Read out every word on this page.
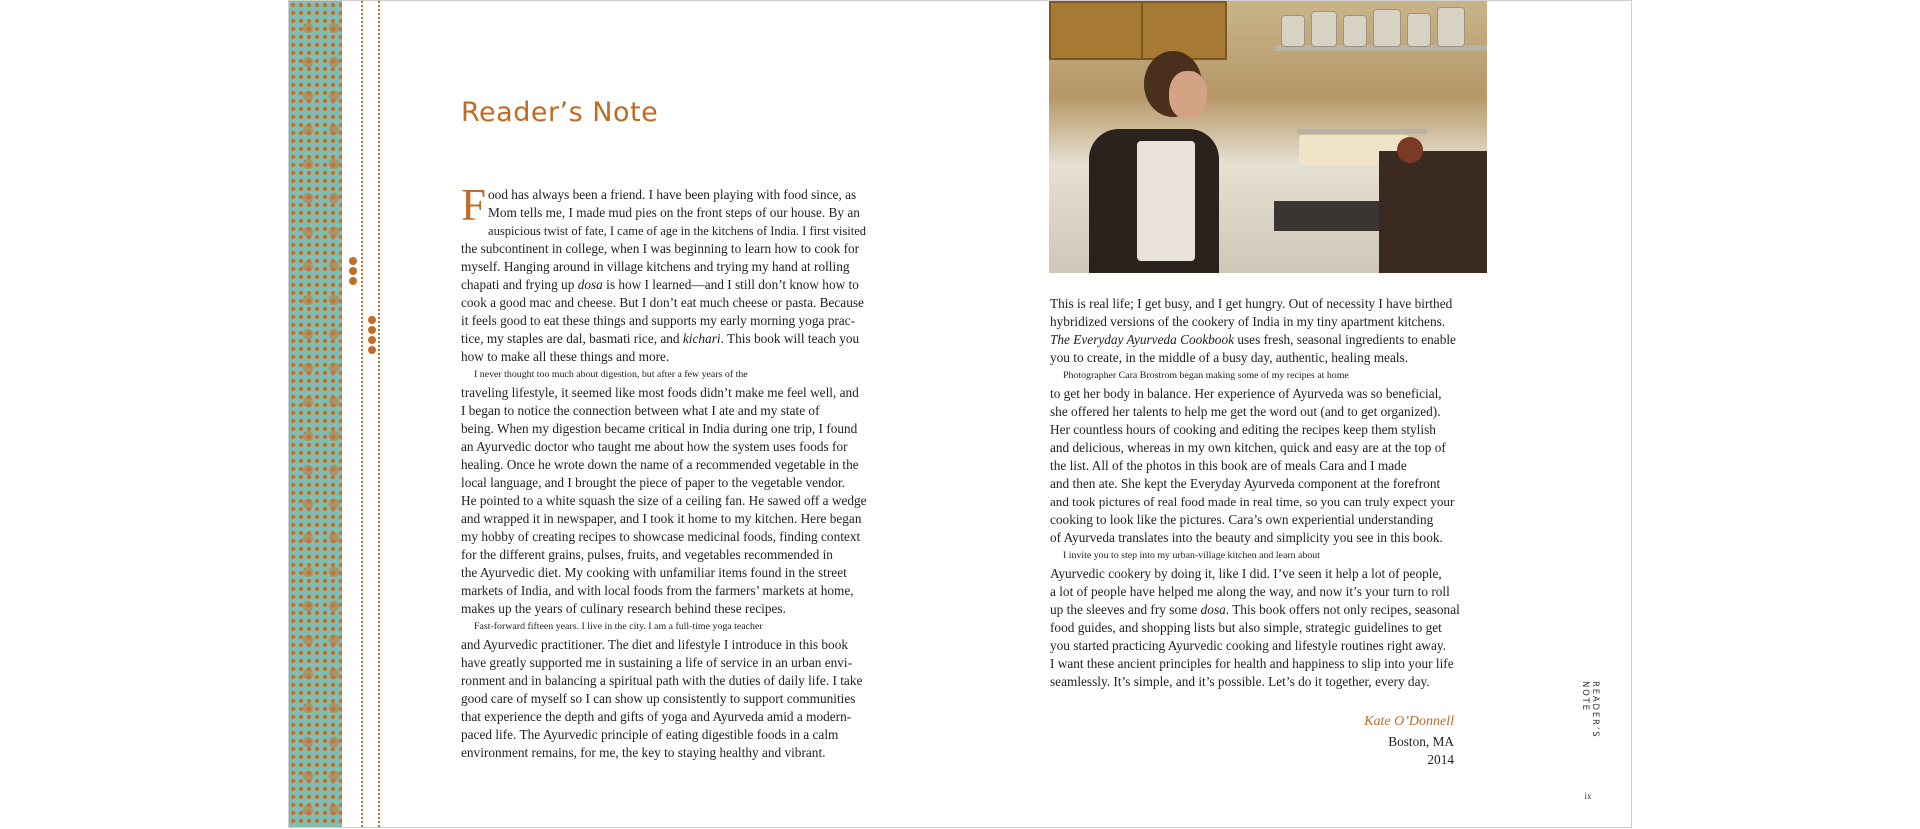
Reader’s Note
F ood has always been a friend. I have been playing with food since, as
Mom tells me, I made mud pies on the front steps of our house. By an
auspicious twist of fate, I came of age in the kitchens of India. I first visited
the subcontinent in college, when I was beginning to learn how to cook for
myself. Hanging around in village kitchens and trying my hand at rolling
chapati and frying up dosa is how I learned—and I still don’t know how to
cook a good mac and cheese. But I don’t eat much cheese or pasta. Because
it feels good to eat these things and supports my early morning yoga prac-
tice, my staples are dal, basmati rice, and kichari. This book will teach you
how to make all these things and more.
I never thought too much about digestion, but after a few years of the
traveling lifestyle, it seemed like most foods didn’t make me feel well, and
I began to notice the connection between what I ate and my state of
being. When my digestion became critical in India during one trip, I found
an Ayurvedic doctor who taught me about how the system uses foods for
healing. Once he wrote down the name of a recommended vegetable in the
local language, and I brought the piece of paper to the vegetable vendor.
He pointed to a white squash the size of a ceiling fan. He sawed off a wedge
and wrapped it in newspaper, and I took it home to my kitchen. Here began
my hobby of creating recipes to showcase medicinal foods, finding context
for the different grains, pulses, fruits, and vegetables recommended in
the Ayurvedic diet. My cooking with unfamiliar items found in the street
markets of India, and with local foods from the farmers’ markets at home,
makes up the years of culinary research behind these recipes.
Fast-forward fifteen years. I live in the city. I am a full-time yoga teacher
and Ayurvedic practitioner. The diet and lifestyle I introduce in this book
have greatly supported me in sustaining a life of service in an urban envi-
ronment and in balancing a spiritual path with the duties of daily life. I take
good care of myself so I can show up consistently to support communities
that experience the depth and gifts of yoga and Ayurveda amid a modern-
paced life. The Ayurvedic principle of eating digestible foods in a calm
environment remains, for me, the key to staying healthy and vibrant.
This is real life; I get busy, and I get hungry. Out of necessity I have birthed
hybridized versions of the cookery of India in my tiny apartment kitchens.
The Everyday Ayurveda Cookbook uses fresh, seasonal ingredients to enable
you to create, in the middle of a busy day, authentic, healing meals.
Photographer Cara Brostrom began making some of my recipes at home
to get her body in balance. Her experience of Ayurveda was so beneficial,
she offered her talents to help me get the word out (and to get organized).
Her countless hours of cooking and editing the recipes keep them stylish
and delicious, whereas in my own kitchen, quick and easy are at the top of
the list. All of the photos in this book are of meals Cara and I made
and then ate. She kept the Everyday Ayurveda component at the forefront
and took pictures of real food made in real time, so you can truly expect your
cooking to look like the pictures. Cara’s own experiential understanding
of Ayurveda translates into the beauty and simplicity you see in this book.
I invite you to step into my urban-village kitchen and learn about
Ayurvedic cookery by doing it, like I did. I’ve seen it help a lot of people,
a lot of people have helped me along the way, and now it’s your turn to roll
up the sleeves and fry some dosa. This book offers not only recipes, seasonal
food guides, and shopping lists but also simple, strategic guidelines to get
you started practicing Ayurvedic cooking and lifestyle routines right away.
I want these ancient principles for health and happiness to slip into your life
seamlessly. It’s simple, and it’s possible. Let’s do it together, every day.
Kate O’Donnell
Boston, MA
2014
READER’S NOTE
ix
